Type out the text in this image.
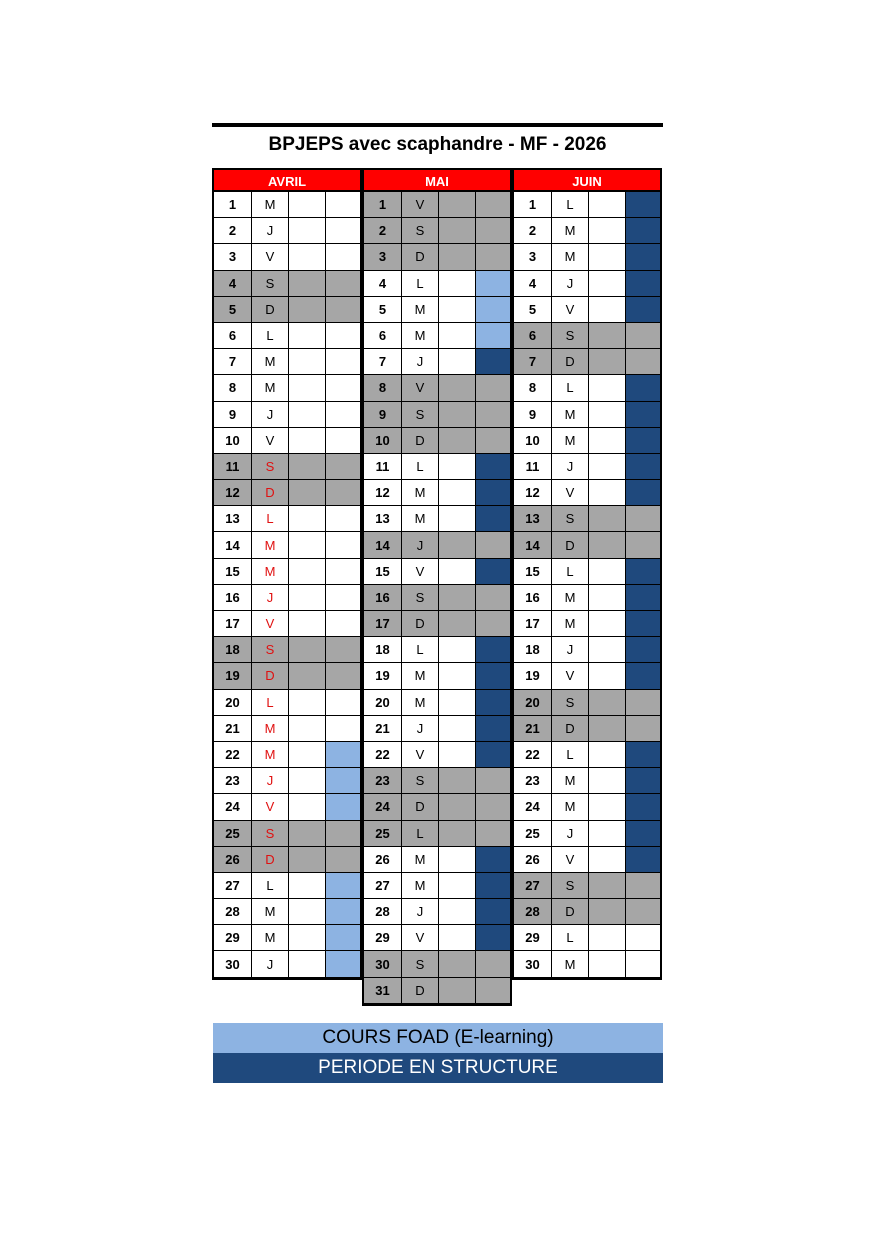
BPJEPS avec scaphandre - MF - 2026
AVRIL
1	M
2	J
3	V
4	S
5	D
6	L
7	M
8	M
9	J
10	V
11	S
12	D
13	L
14	M
15	M
16	J
17	V
18	S
19	D
20	L
21	M
22	M
23	J
24	V
25	S
26	D
27	L
28	M
29	M
30	J
MAI
1	V
2	S
3	D
4	L
5	M
6	M
7	J
8	V
9	S
10	D
11	L
12	M
13	M
14	J
15	V
16	S
17	D
18	L
19	M
20	M
21	J
22	V
23	S
24	D
25	L
26	M
27	M
28	J
29	V
30	S
31	D
JUIN
1	L
2	M
3	M
4	J
5	V
6	S
7	D
8	L
9	M
10	M
11	J
12	V
13	S
14	D
15	L
16	M
17	M
18	J
19	V
20	S
21	D
22	L
23	M
24	M
25	J
26	V
27	S
28	D
29	L
30	M
COURS FOAD (E-learning)
PERIODE EN STRUCTURE
